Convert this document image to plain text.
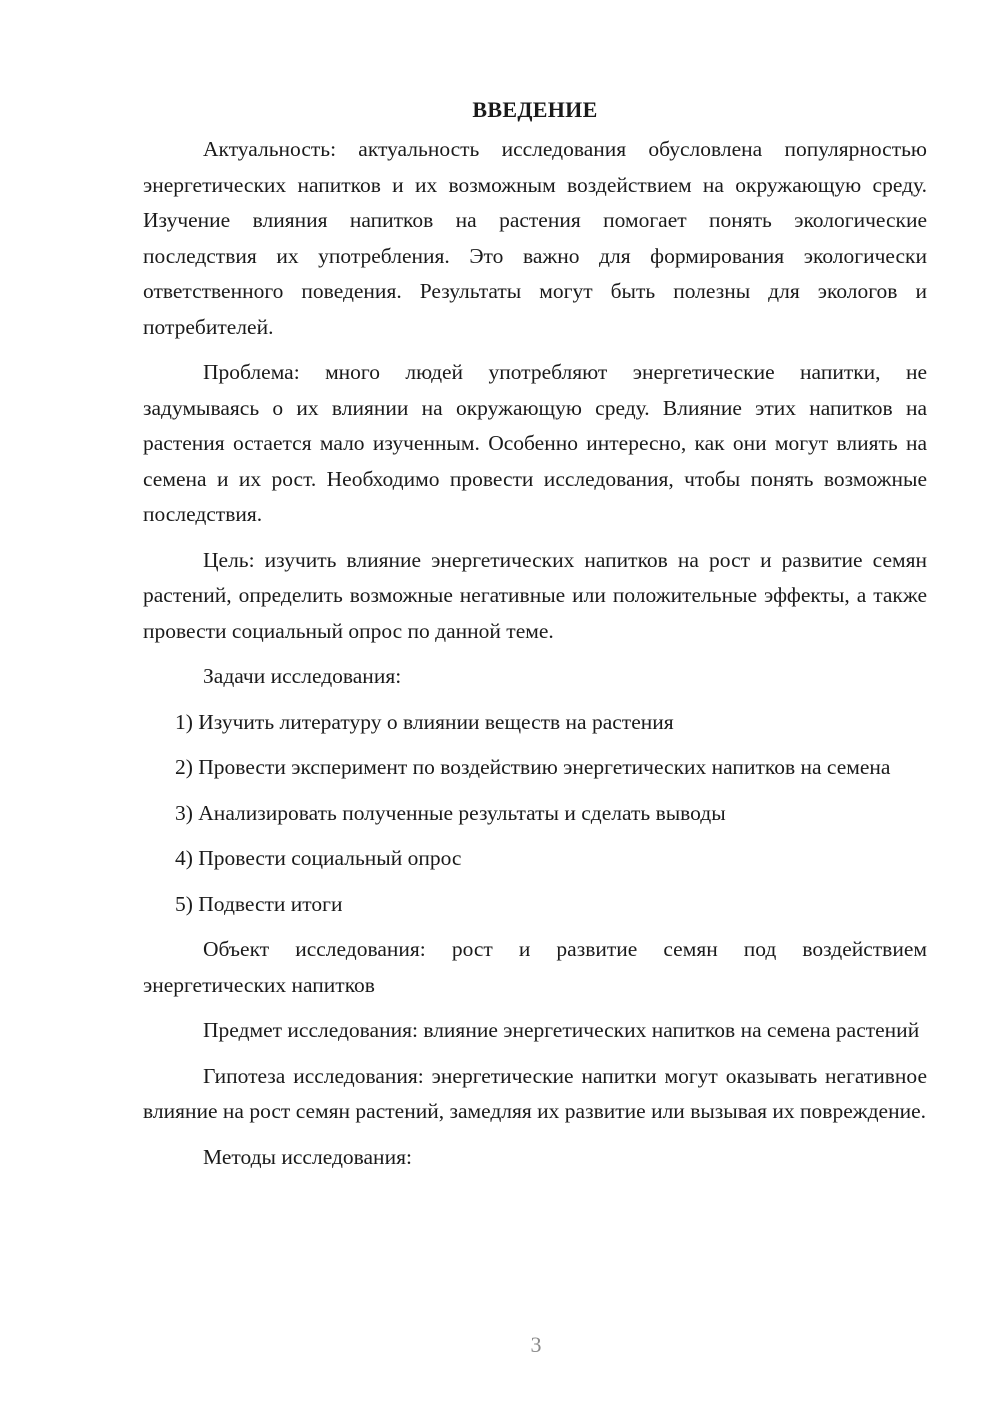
ВВЕДЕНИЕ

Актуальность: актуальность исследования обусловлена популярностью энергетических напитков и их возможным воздействием на окружающую среду. Изучение влияния напитков на растения помогает понять экологические последствия их употребления. Это важно для формирования экологически ответственного поведения. Результаты могут быть полезны для экологов и потребителей.

Проблема: много людей употребляют энергетические напитки, не задумываясь о их влиянии на окружающую среду. Влияние этих напитков на растения остается мало изученным. Особенно интересно, как они могут влиять на семена и их рост. Необходимо провести исследования, чтобы понять возможные последствия.

Цель: изучить влияние энергетических напитков на рост и развитие семян растений, определить возможные негативные или положительные эффекты, а также провести социальный опрос по данной теме.

Задачи исследования:

1) Изучить литературу о влиянии веществ на растения

2) Провести эксперимент по воздействию энергетических напитков на семена

3) Анализировать полученные результаты и сделать выводы

4) Провести социальный опрос

5) Подвести итоги

Объект исследования: рост и развитие семян под воздействием энергетических напитков

Предмет исследования: влияние энергетических напитков на семена растений

Гипотеза исследования: энергетические напитки могут оказывать негативное влияние на рост семян растений, замедляя их развитие или вызывая их повреждение.

Методы исследования:

3
